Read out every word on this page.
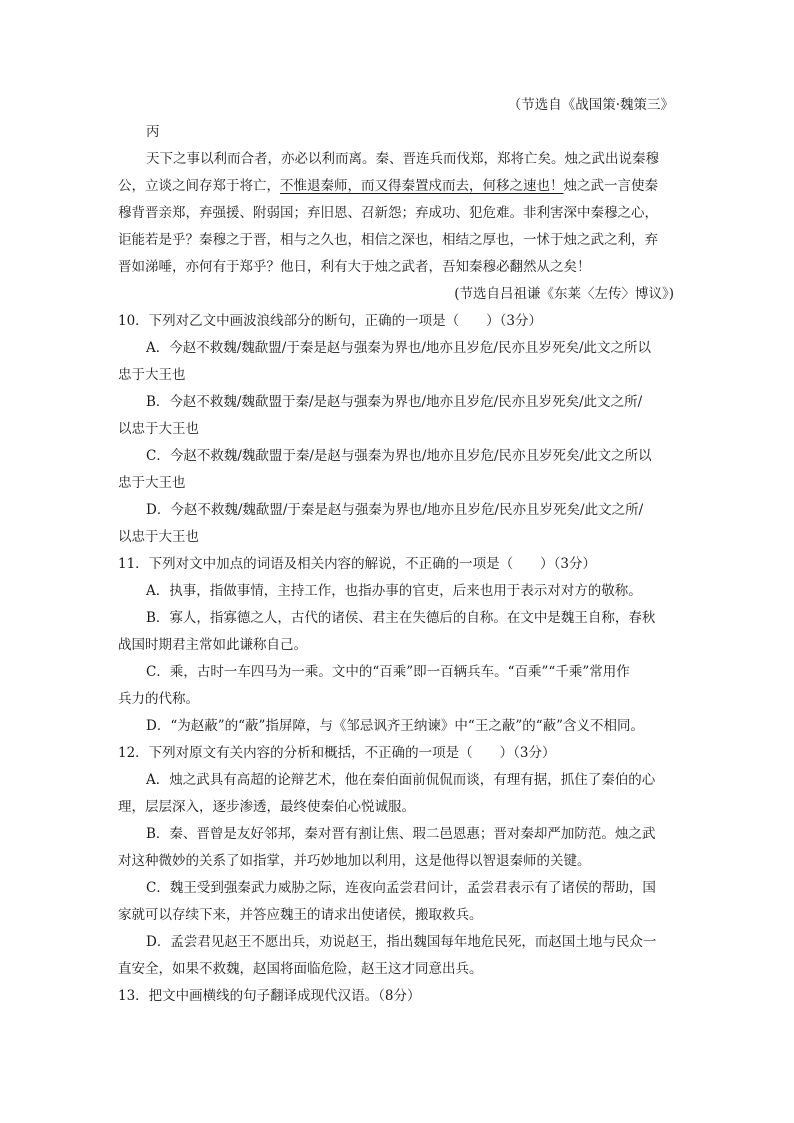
（节选自《战国策·魏策三》
丙
天下之事以利而合者，亦必以利而离。秦、晋连兵而伐郑，郑将亡矣。烛之武出说秦穆
公，立谈之间存郑于将亡，不惟退秦师，而又得秦置戍而去，何移之速也！烛之武一言使秦
穆背晋亲郑，弃强援、附弱国；弃旧恩、召新怨；弃成功、犯危难。非利害深中秦穆之心，
讵能若是乎？秦穆之于晋，相与之久也，相信之深也，相结之厚也，一怵于烛之武之利，弃
晋如涕唾，亦何有于郑乎？他日，利有大于烛之武者，吾知秦穆必翻然从之矣！
(节选自吕祖谦《东莱〈左传〉博议》)
10．下列对乙文中画波浪线部分的断句，正确的一项是（　　）（3分）
A．今赵不救魏/魏歃盟/于秦是赵与强秦为界也/地亦且岁危/民亦且岁死矣/此文之所以
忠于大王也
B．今赵不救魏/魏歃盟于秦/是赵与强秦为界也/地亦且岁危/民亦且岁死矣/此文之所/
以忠于大王也
C．今赵不救魏/魏歃盟于秦/是赵与强秦为界也/地亦且岁危/民亦且岁死矣/此文之所以
忠于大王也
D．今赵不救魏/魏歃盟/于秦是赵与强秦为界也/地亦且岁危/民亦且岁死矣/此文之所/
以忠于大王也
11．下列对文中加点的词语及相关内容的解说，不正确的一项是（　　）（3分）
A．执事，指做事情，主持工作，也指办事的官吏，后来也用于表示对对方的敬称。
B．寡人，指寡德之人，古代的诸侯、君主在失德后的自称。在文中是魏王自称，春秋
战国时期君主常如此谦称自己。
C．乘，古时一车四马为一乘。文中的“百乘”即一百辆兵车。“百乘”“千乘”常用作
兵力的代称。
D．“为赵蔽”的“蔽”指屏障，与《邹忌讽齐王纳谏》中“王之蔽”的“蔽”含义不相同。
12．下列对原文有关内容的分析和概括，不正确的一项是（　　）（3分）
A．烛之武具有高超的论辩艺术，他在秦伯面前侃侃而谈，有理有据，抓住了秦伯的心
理，层层深入，逐步渗透，最终使秦伯心悦诚服。
B．秦、晋曾是友好邻邦，秦对晋有割让焦、瑕二邑恩惠；晋对秦却严加防范。烛之武
对这种微妙的关系了如指掌，并巧妙地加以利用，这是他得以智退秦师的关键。
C．魏王受到强秦武力威胁之际，连夜向孟尝君问计，孟尝君表示有了诸侯的帮助，国
家就可以存续下来，并答应魏王的请求出使诸侯，搬取救兵。
D．孟尝君见赵王不愿出兵，劝说赵王，指出魏国每年地危民死，而赵国土地与民众一
直安全，如果不救魏，赵国将面临危险，赵王这才同意出兵。
13．把文中画横线的句子翻译成现代汉语。（8分）
